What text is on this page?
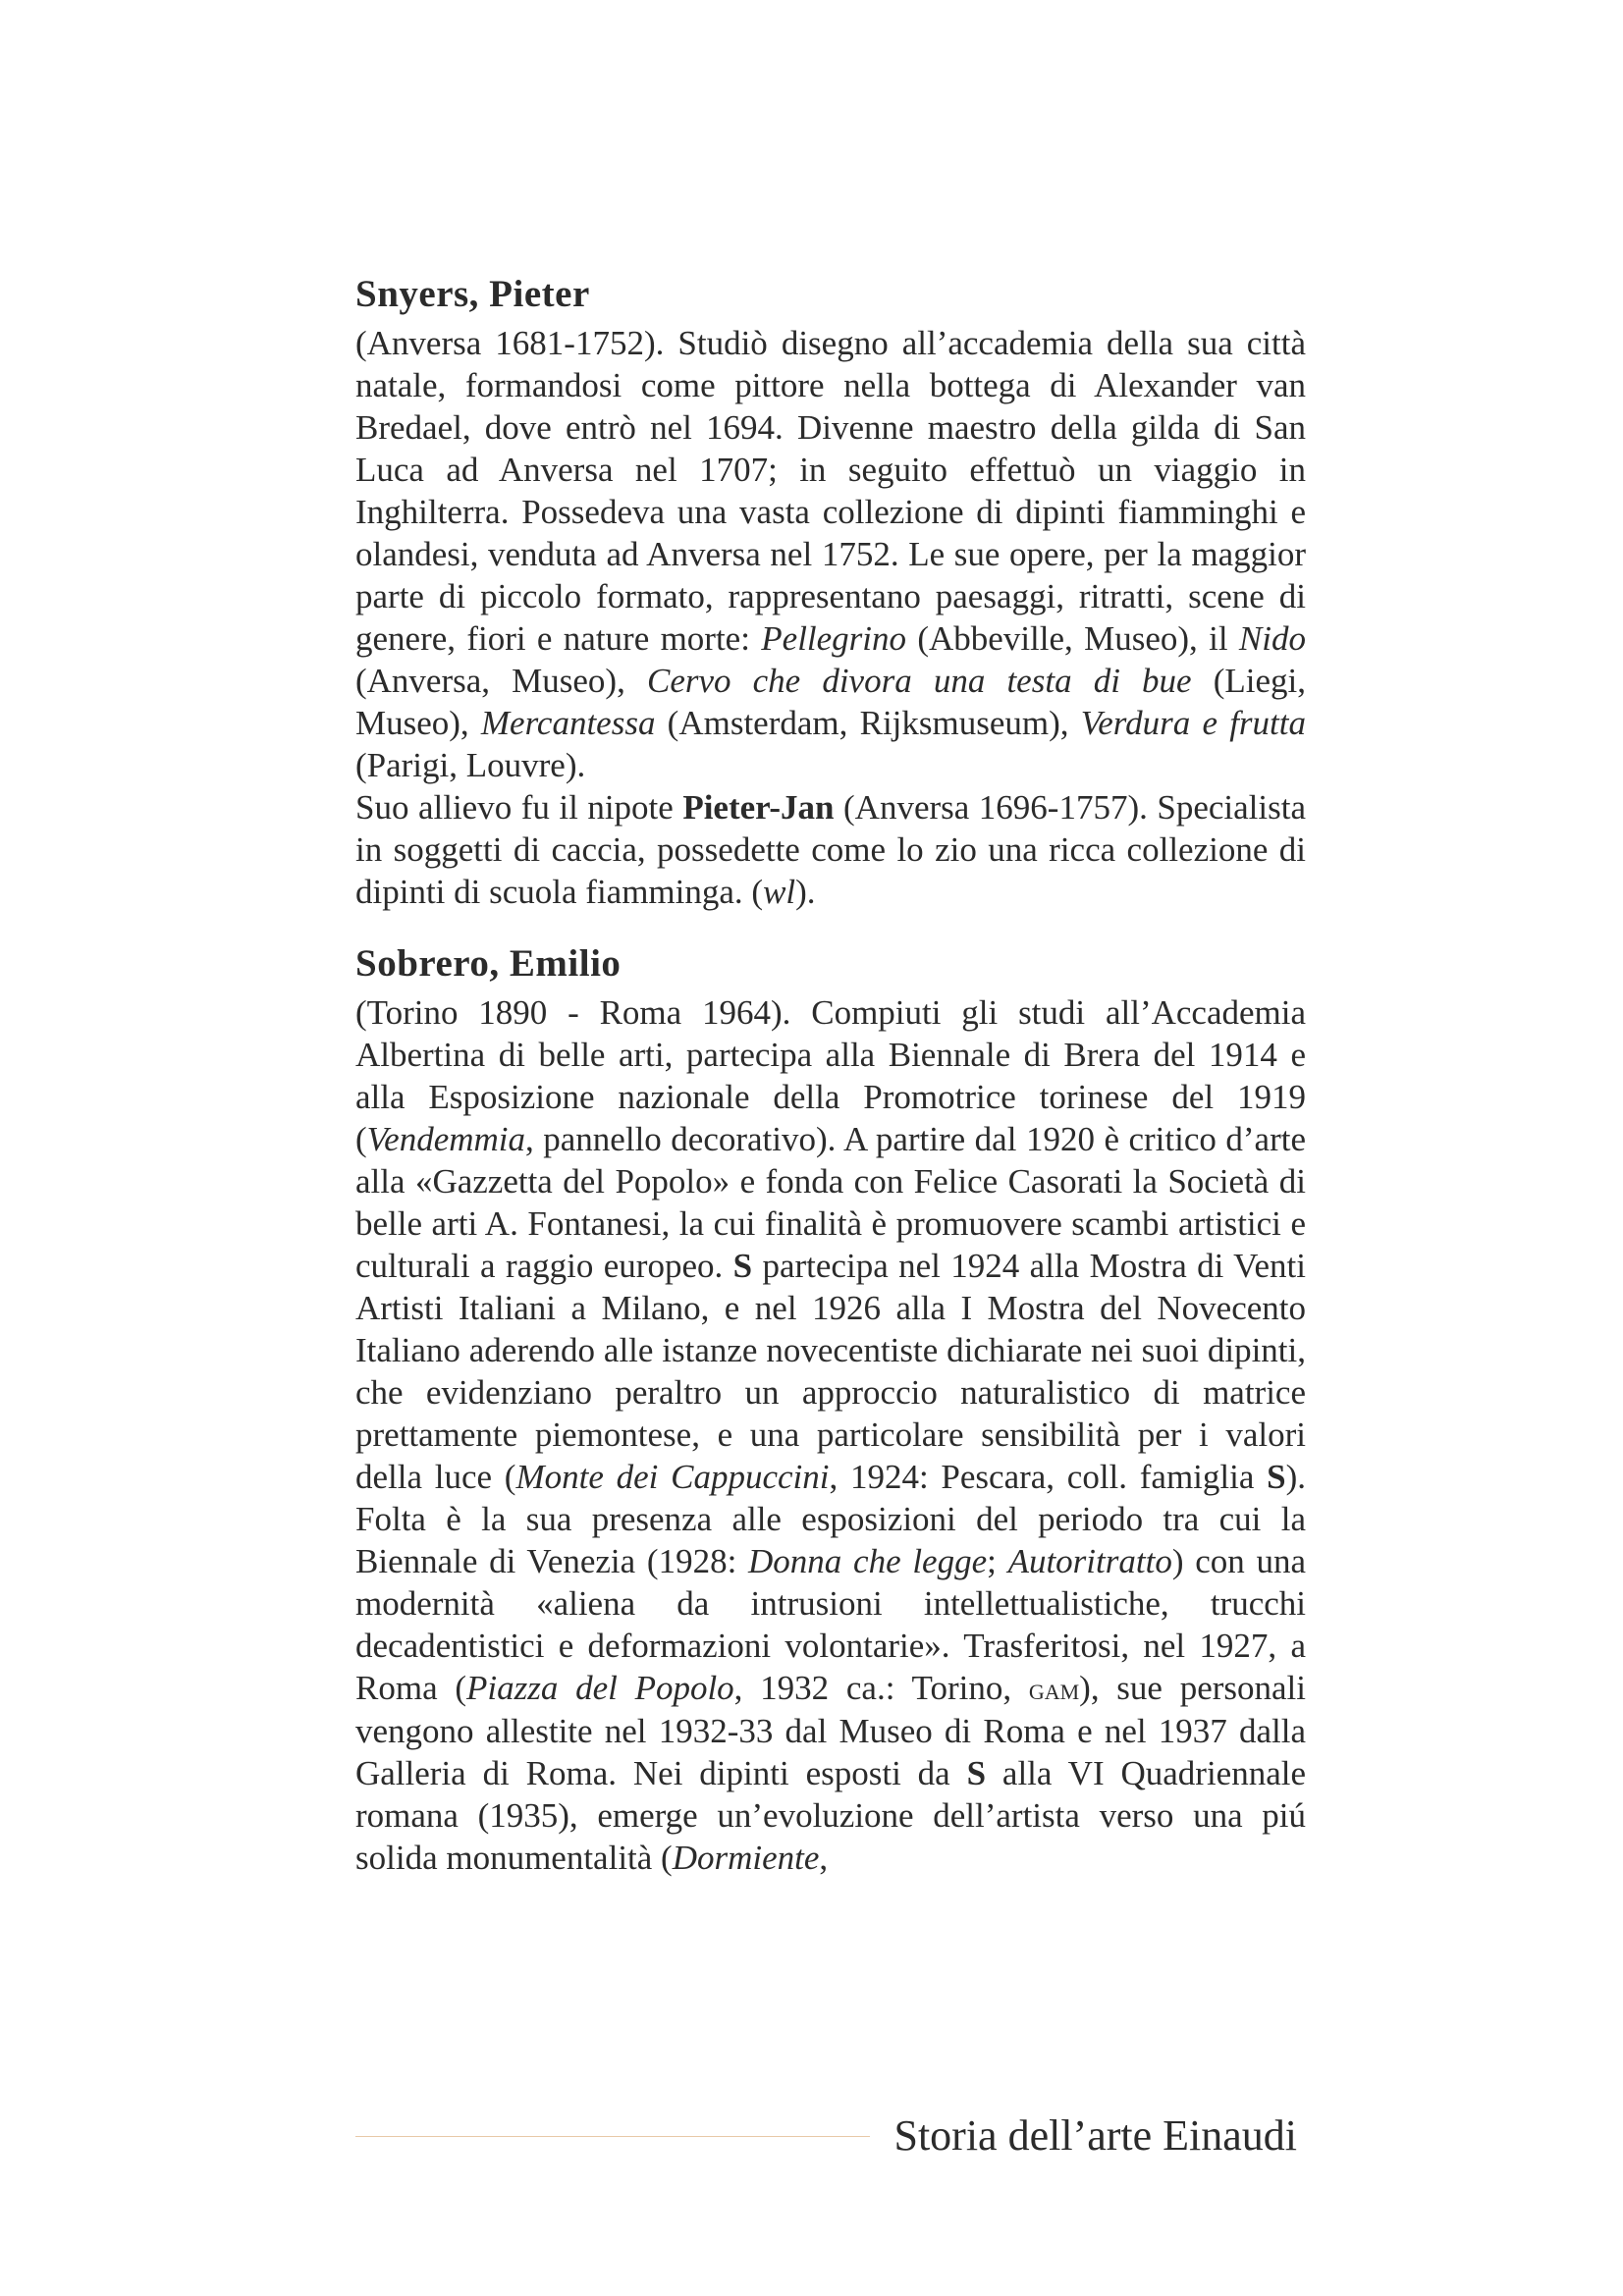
Snyers, Pieter

(Anversa 1681-1752). Studiò disegno all’accademia della sua città natale, formandosi come pittore nella bottega di Alexander van Bredael, dove entrò nel 1694. Divenne maestro della gilda di San Luca ad Anversa nel 1707; in seguito effettuò un viaggio in Inghilterra. Possedeva una vasta collezione di dipinti fiamminghi e olandesi, venduta ad Anversa nel 1752. Le sue opere, per la maggior parte di piccolo formato, rappresentano paesaggi, ritratti, scene di genere, fiori e nature morte: Pellegrino (Abbeville, Museo), il Nido (Anversa, Museo), Cervo che divora una testa di bue (Liegi, Museo), Mercantessa (Amsterdam, Rijksmuseum), Verdura e frutta (Parigi, Louvre).

Suo allievo fu il nipote Pieter-Jan (Anversa 1696-1757). Specialista in soggetti di caccia, possedette come lo zio una ricca collezione di dipinti di scuola fiamminga. (wl).

Sobrero, Emilio

(Torino 1890 - Roma 1964). Compiuti gli studi all’Accademia Albertina di belle arti, partecipa alla Biennale di Brera del 1914 e alla Esposizione nazionale della Promotrice torinese del 1919 (Vendemmia, pannello decorativo). A partire dal 1920 è critico d’arte alla «Gazzetta del Popolo» e fonda con Felice Casorati la Società di belle arti A. Fontanesi, la cui finalità è promuovere scambi artistici e culturali a raggio europeo. S partecipa nel 1924 alla Mostra di Venti Artisti Italiani a Milano, e nel 1926 alla I Mostra del Novecento Italiano aderendo alle istanze novecentiste dichiarate nei suoi dipinti, che evidenziano peraltro un approccio naturalistico di matrice prettamente piemontese, e una particolare sensibilità per i valori della luce (Monte dei Cappuccini, 1924: Pescara, coll. famiglia S). Folta è la sua presenza alle esposizioni del periodo tra cui la Biennale di Venezia (1928: Donna che legge; Autoritratto) con una modernità «aliena da intrusioni intellettualistiche, trucchi decadentistici e deformazioni volontarie». Trasferitosi, nel 1927, a Roma (Piazza del Popolo, 1932 ca.: Torino, gam), sue personali vengono allestite nel 1932-33 dal Museo di Roma e nel 1937 dalla Galleria di Roma. Nei dipinti esposti da S alla VI Quadriennale romana (1935), emerge un’evoluzione dell’artista verso una piú solida monumentalità (Dormiente,

Storia dell’arte Einaudi
